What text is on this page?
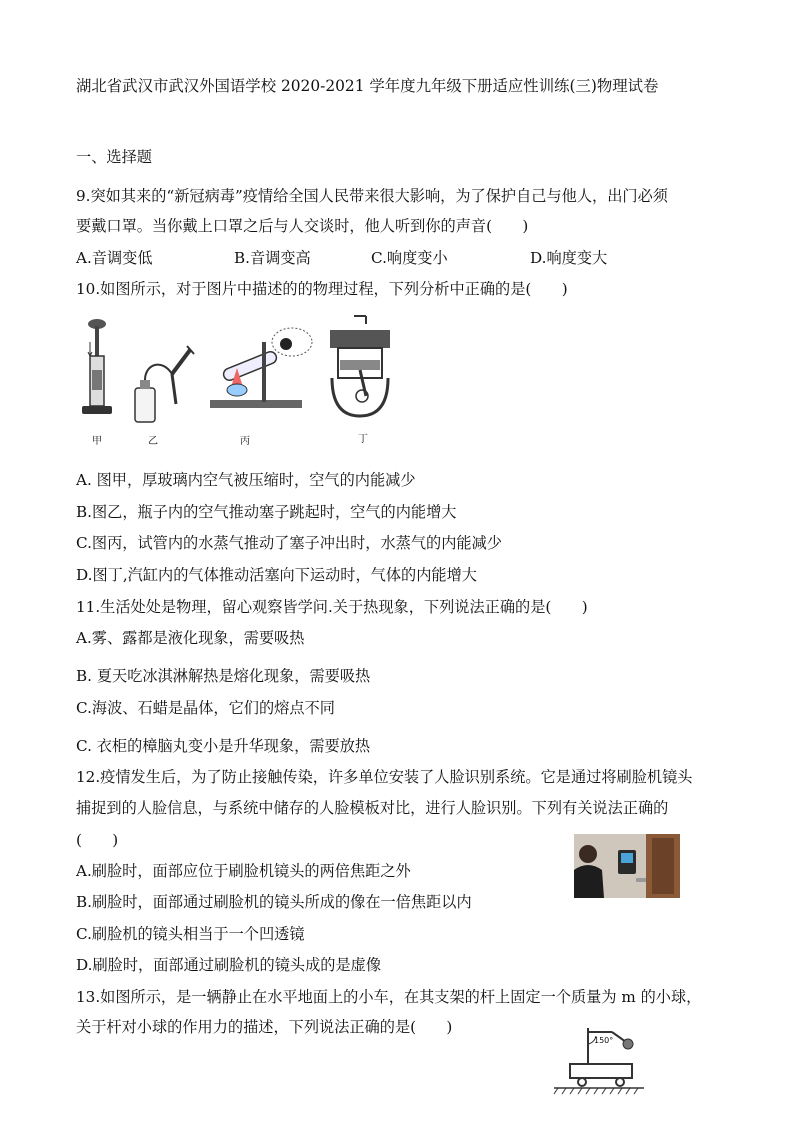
湖北省武汉市武汉外国语学校 2020-2021 学年度九年级下册适应性训练(三)物理试卷
一、选择题
9.突如其来的“新冠病毒”疫情给全国人民带来很大影响，为了保护自己与他人，出门必须
要戴口罩。当你戴上口罩之后与人交谈时，他人听到你的声音(　　)
A.音调变低	B.音调变高	C.响度变小	D.响度变大
10.如图所示，对于图片中描述的的物理过程，下列分析中正确的是(　　)
甲	乙	丙	丁
A. 图甲，厚玻璃内空气被压缩时，空气的内能减少
B.图乙，瓶子内的空气推动塞子跳起时，空气的内能增大
C.图丙，试管内的水蒸气推动了塞子冲出时，水蒸气的内能减少
D.图丁,汽缸内的气体推动活塞向下运动时，气体的内能增大
11.生活处处是物理，留心观察皆学问.关于热现象，下列说法正确的是(　　)
A.雾、露都是液化现象，需要吸热
B. 夏天吃冰淇淋解热是熔化现象，需要吸热
C.海波、石蜡是晶体，它们的熔点不同
C. 衣柜的樟脑丸变小是升华现象，需要放热
12.疫情发生后，为了防止接触传染，许多单位安装了人脸识别系统。它是通过将刷脸机镜头
捕捉到的人脸信息，与系统中储存的人脸模板对比，进行人脸识别。下列有关说法正确的
(　　)
A.刷脸时，面部应位于刷脸机镜头的两倍焦距之外
B.刷脸时，面部通过刷脸机的镜头所成的像在一倍焦距以内
C.刷脸机的镜头相当于一个凹透镜
D.刷脸时，面部通过刷脸机的镜头成的是虚像
13.如图所示，是一辆静止在水平地面上的小车，在其支架的杆上固定一个质量为 m 的小球，
关于杆对小球的作用力的描述，下列说法正确的是(　　)
150°
